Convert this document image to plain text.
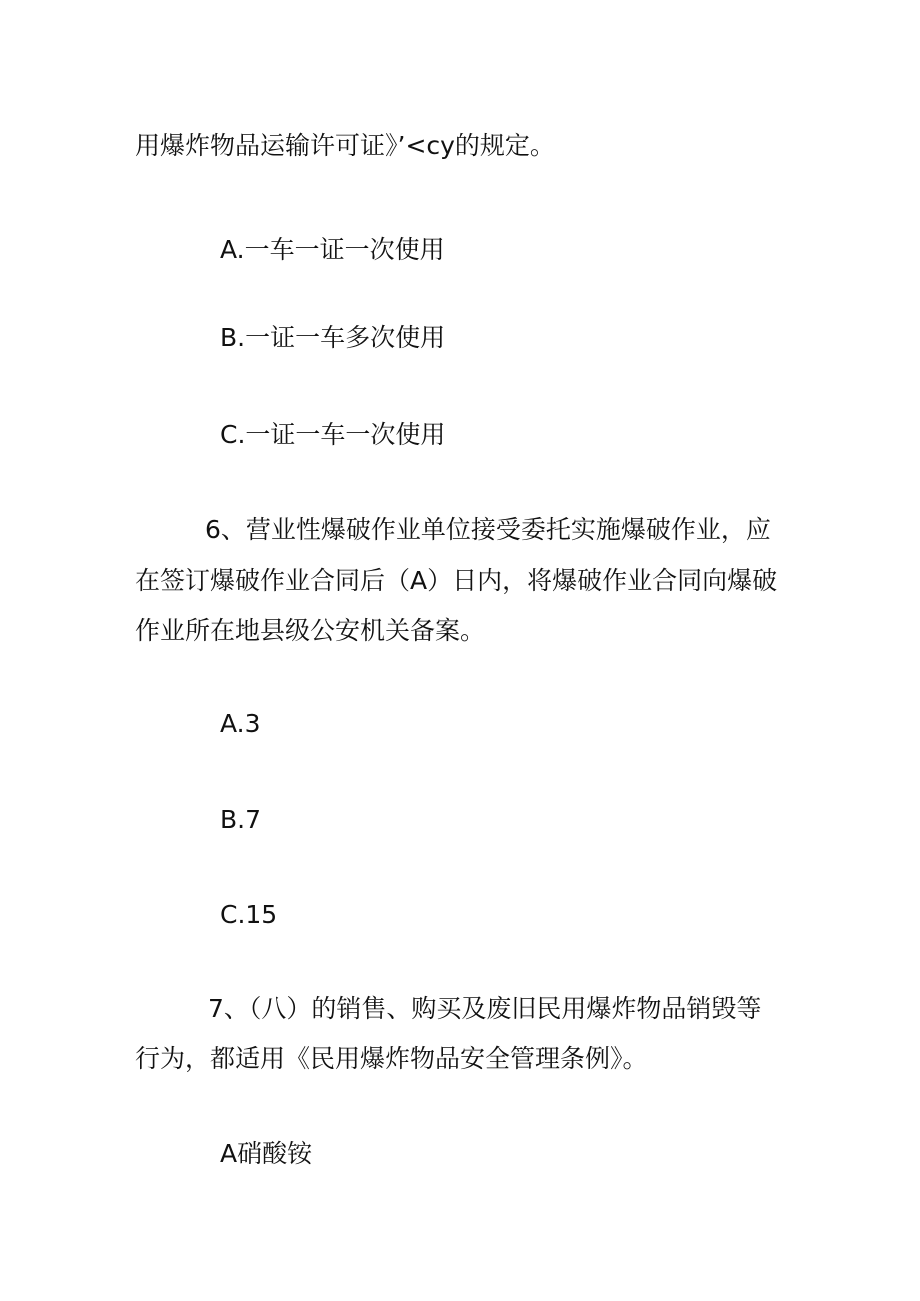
用爆炸物品运输许可证》’<cy的规定。
A.一车一证一次使用
B.一证一车多次使用
C.一证一车一次使用
6、营业性爆破作业单位接受委托实施爆破作业，应
在签订爆破作业合同后（A）日内，将爆破作业合同向爆破
作业所在地县级公安机关备案。
A.3
B.7
C.15
7、（八）的销售、购买及废旧民用爆炸物品销毁等
行为，都适用《民用爆炸物品安全管理条例》。
A硝酸铵
